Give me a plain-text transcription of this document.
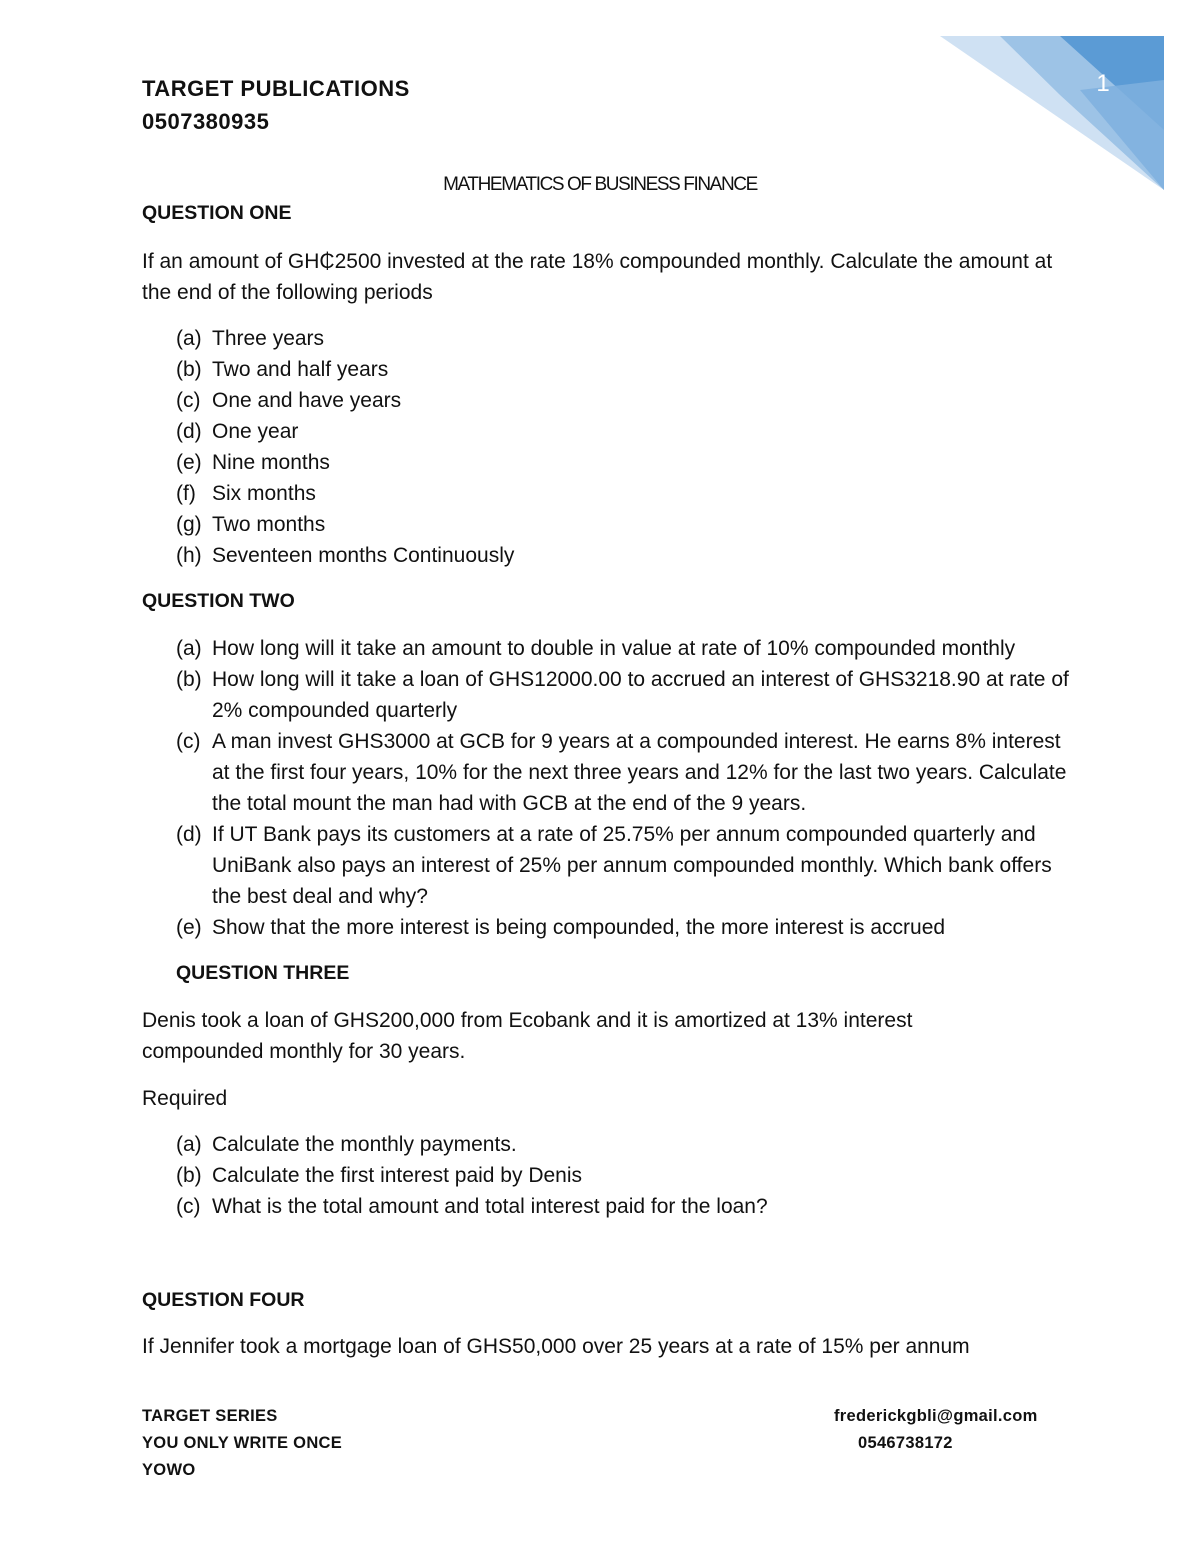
1
TARGET PUBLICATIONS
0507380935
MATHEMATICS OF BUSINESS FINANCE
QUESTION ONE
If an amount of GH₵2500 invested at the rate 18% compounded monthly. Calculate the amount at the end of the following periods
(a) Three years
(b) Two and half years
(c) One and have years
(d) One year
(e) Nine months
(f) Six months
(g) Two months
(h) Seventeen months Continuously
QUESTION TWO
(a) How long will it take an amount to double in value at rate of 10% compounded monthly
(b) How long will it take a loan of GHS12000.00 to accrued an interest of GHS3218.90 at rate of 2% compounded quarterly
(c) A man invest GHS3000 at GCB for 9 years at a compounded interest. He earns 8% interest at the first four years, 10% for the next three years and 12% for the last two years. Calculate the total mount the man had with GCB at the end of the 9 years.
(d) If UT Bank pays its customers at a rate of 25.75% per annum compounded quarterly and UniBank also pays an interest of 25% per annum compounded monthly. Which bank offers the best deal and why?
(e) Show that the more interest is being compounded, the more interest is accrued
QUESTION THREE
Denis took a loan of GHS200,000 from Ecobank and it is amortized at 13% interest compounded monthly for 30 years.
Required
(a) Calculate the monthly payments.
(b) Calculate the first interest paid by Denis
(c) What is the total amount and total interest paid for the loan?
QUESTION FOUR
If Jennifer took a mortgage loan of GHS50,000 over 25 years at a rate of 15% per annum
TARGET SERIES
YOU ONLY WRITE ONCE
YOWO
frederickgbli@gmail.com
0546738172
